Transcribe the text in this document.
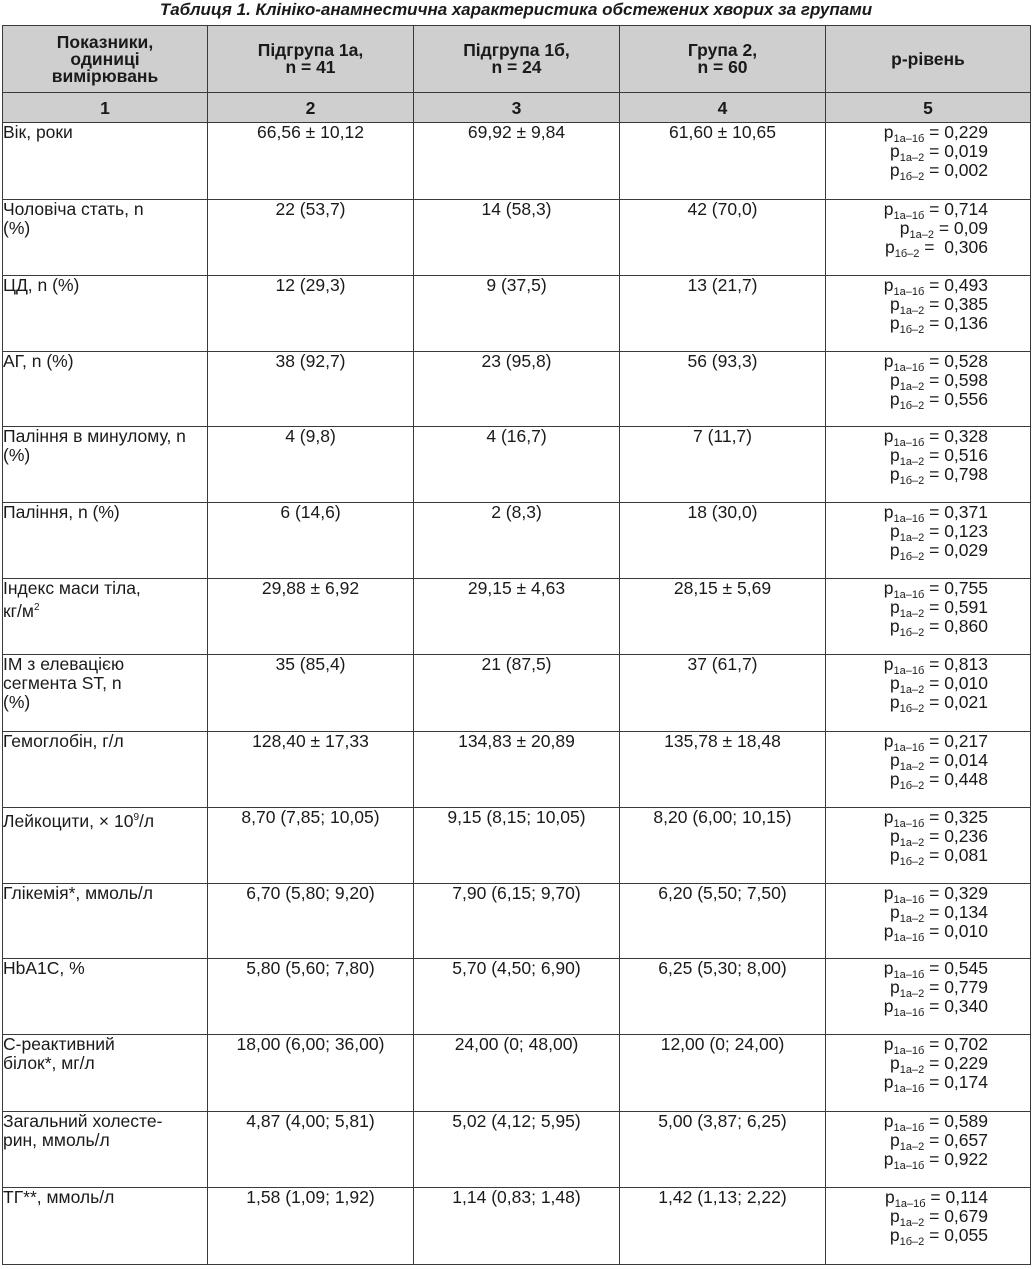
Таблиця 1. Клініко-анамнестична характеристика обстежених хворих за групами
Показники,
одиниці
вимірювань	Підгрупа 1а,
n = 41	Підгрупа 1б,
n = 24	Група 2,
n = 60	p-рівень

1	2	3	4	5

Вік, роки	66,56 ± 10,12	69,92 ± 9,84	61,60 ± 10,65	$p_{1а-1б} = 0,229$
$p_{1а-2} = 0,019$
$p_{1б-2} = 0,002$

Чоловіча стать, n (%)	22 (53,7)	14 (58,3)	42 (70,0)	$p_{1а-1б} = 0,714$
$p_{1а-2} = 0,09$
$p_{1б-2} = 0,306$

ЦД, n (%)	12 (29,3)	9 (37,5)	13 (21,7)	$p_{1а-1б} = 0,493$
$p_{1а-2} = 0,385$
$p_{1б-2} = 0,136$

АГ, n (%)	38 (92,7)	23 (95,8)	56 (93,3)	$p_{1а-1б} = 0,528$
$p_{1а-2} = 0,598$
$p_{1б-2} = 0,556$

Паління в минулому, n (%)	4 (9,8)	4 (16,7)	7 (11,7)	$p_{1а-1б} = 0,328$
$p_{1а-2} = 0,516$
$p_{1б-2} = 0,798$

Паління, n (%)	6 (14,6)	2 (8,3)	18 (30,0)	$p_{1а-1б} = 0,371$
$p_{1а-2} = 0,123$
$p_{1б-2} = 0,029$

Індекс маси тіла, $кг/м^2$	29,88 ± 6,92	29,15 ± 4,63	28,15 ± 5,69	$p_{1а-1б} = 0,755$
$p_{1а-2} = 0,591$
$p_{1б-2} = 0,860$

ІМ з елевацією сегмента ST, n (%)	35 (85,4)	21 (87,5)	37 (61,7)	$p_{1а-1б} = 0,813$
$p_{1а-2} = 0,010$
$p_{1б-2} = 0,021$

Гемоглобін, г/л	128,40 ± 17,33	134,83 ± 20,89	135,78 ± 18,48	$p_{1а-1б} = 0,217$
$p_{1а-2} = 0,014$
$p_{1б-2} = 0,448$

Лейкоцити, × $10^9/л$	8,70 (7,85; 10,05)	9,15 (8,15; 10,05)	8,20 (6,00; 10,15)	$p_{1а-1б} = 0,325$
$p_{1а-2} = 0,236$
$p_{1б-2} = 0,081$

Глікемія*, ммоль/л	6,70 (5,80; 9,20)	7,90 (6,15; 9,70)	6,20 (5,50; 7,50)	$p_{1а-1б} = 0,329$
$p_{1а-2} = 0,134$
$p_{1а-1б} = 0,010$

HbA1C, %	5,80 (5,60; 7,80)	5,70 (4,50; 6,90)	6,25 (5,30; 8,00)	$p_{1а-1б} = 0,545$
$p_{1а-2} = 0,779$
$p_{1а-1б} = 0,340$

С-реактивний білок*, мг/л	18,00 (6,00; 36,00)	24,00 (0; 48,00)	12,00 (0; 24,00)	$p_{1а-1б} = 0,702$
$p_{1а-2} = 0,229$
$p_{1а-1б} = 0,174$

Загальний холесте-рин, ммоль/л	4,87 (4,00; 5,81)	5,02 (4,12; 5,95)	5,00 (3,87; 6,25)	$p_{1а-1б} = 0,589$
$p_{1а-2} = 0,657$
$p_{1а-1б} = 0,922$

ТГ**, ммоль/л	1,58 (1,09; 1,92)	1,14 (0,83; 1,48)	1,42 (1,13; 2,22)	$p_{1а-1б} = 0,114$
$p_{1а-2} = 0,679$
$p_{1б-2} = 0,055$
